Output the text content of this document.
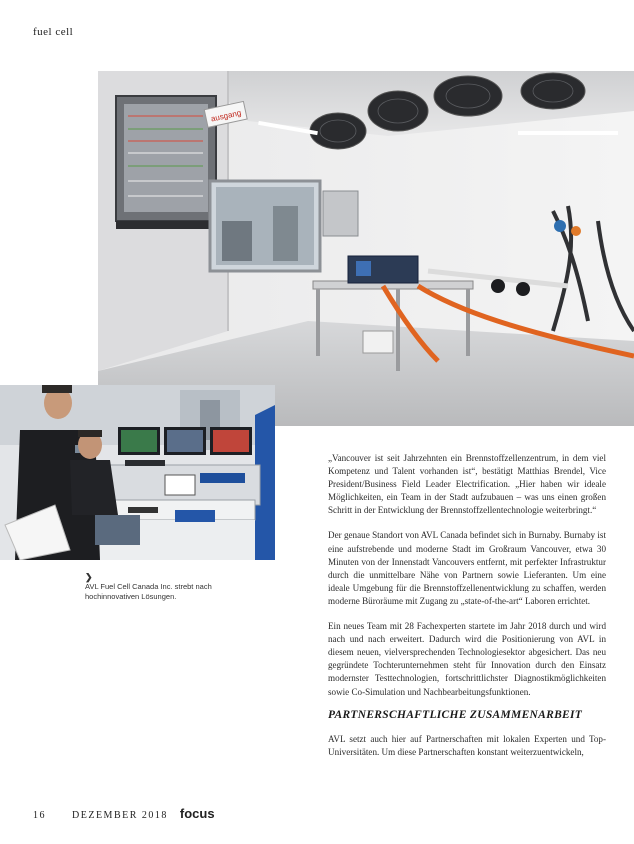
fuel cell
ausgang
❯
AVL Fuel Cell Canada Inc. strebt nach hochinnovativen Lösungen.

„Vancouver ist seit Jahrzehnten ein Brennstoffzellenzentrum, in dem viel Kompetenz und Talent vorhanden ist“, bestätigt Matthias Brendel, Vice President/Business Field Leader Electrification. „Hier haben wir ideale Möglichkeiten, ein Team in der Stadt aufzubauen – was uns einen großen Schritt in der Entwicklung der Brennstoffzellentechnologie weiterbringt.“

Der genaue Standort von AVL Canada befindet sich in Burnaby. Burnaby ist eine aufstrebende und moderne Stadt im Großraum Vancouver, etwa 30 Minuten von der Innenstadt Vancouvers entfernt, mit perfekter Infrastruktur durch die unmittelbare Nähe von Partnern sowie Lieferanten. Um eine ideale Umgebung für die Brennstoffzellenentwicklung zu schaffen, werden moderne Büroräume mit Zugang zu „state-of-the-art“ Laboren errichtet.

Ein neues Team mit 28 Fachexperten startete im Jahr 2018 durch und wird nach und nach erweitert. Dadurch wird die Positionierung von AVL in diesem neuen, vielversprechenden Technologiesektor abgesichert. Das neu gegründete Tochterunternehmen steht für Innovation durch den Einsatz modernster Testtechnologien, fortschrittlichster Diagnostikmöglichkeiten sowie Co-Simulation und Nachbearbeitungsfunktionen.

PARTNERSCHAFTLICHE ZUSAMMENARBEIT
AVL setzt auch hier auf Partnerschaften mit lokalen Experten und Top-Universitäten. Um diese Partnerschaften konstant weiterzuentwickeln,
16	DEZEMBER 2018 focus
